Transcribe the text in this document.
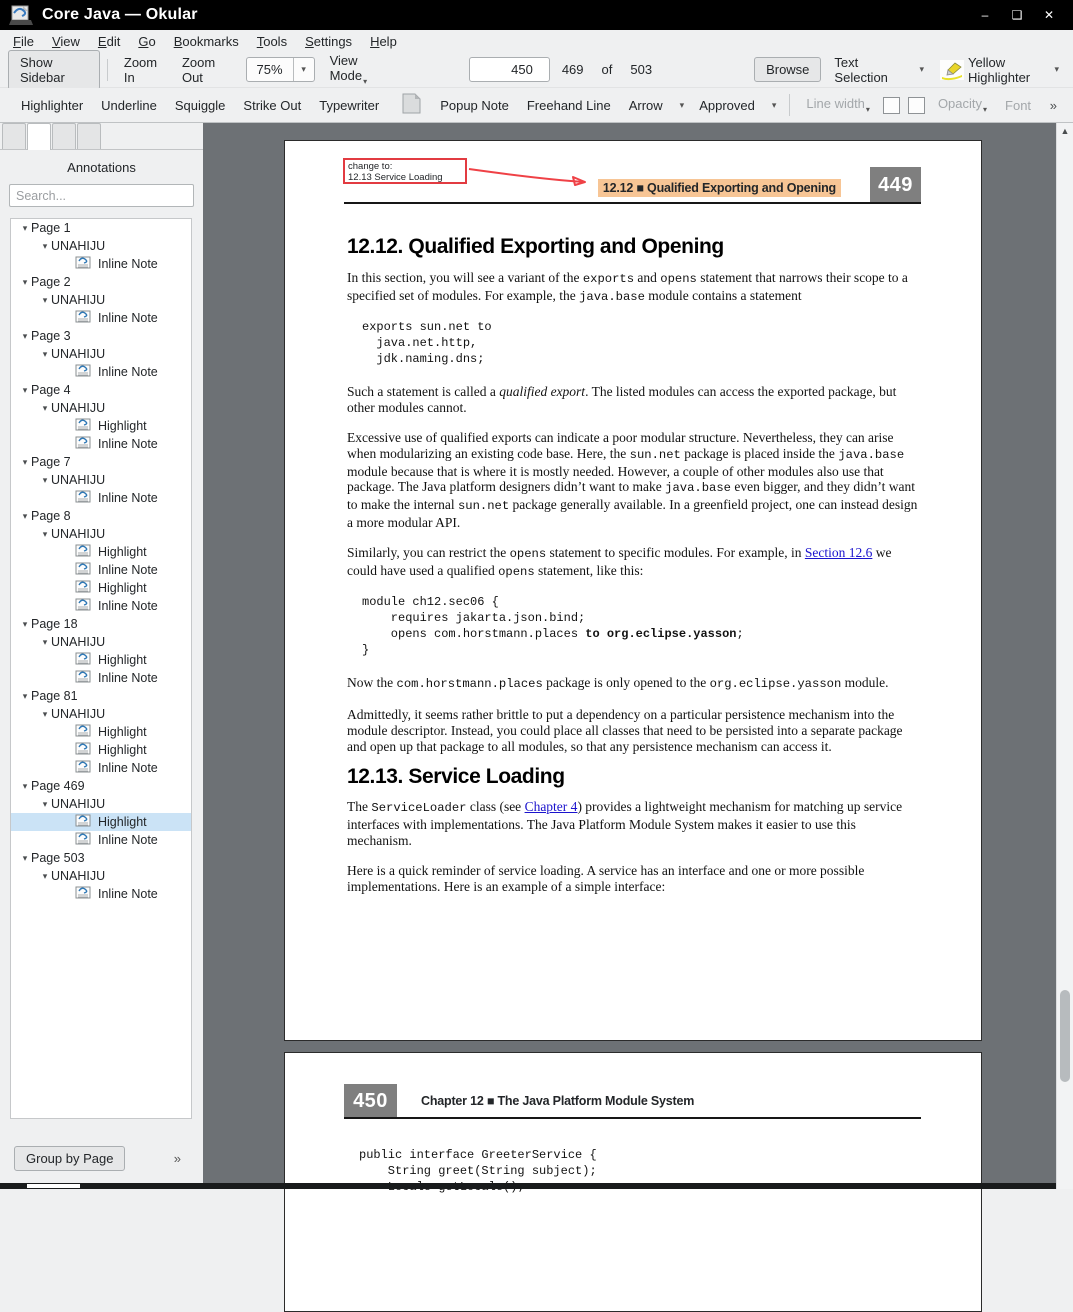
Core Java — Okular	–	❑ ✕
File	View	Edit	Go	Bookmarks	Tools	Settings	Help
Show Sidebar
Zoom In
Zoom Out	75%	▾
View Mode$_▾$
450	469 of 503	Browse	Text Selection
▾	Yellow Highlighter
▾
Highlighter	Underline	Squiggle	Strike Out	Typewriter	Popup Note	Freehand Line	Arrow	▾	Approved	▾	Line width$_▾$	Opacity$_▾$	Font	»
Annotations
Search...
▾ Page 1
▾ UNAHIJU
Inline Note
▾ Page 2
▾ UNAHIJU
Inline Note
▾ Page 3
▾ UNAHIJU
Inline Note
▾ Page 4
▾ UNAHIJU
Highlight
Inline Note
▾ Page 7
▾ UNAHIJU
Inline Note
▾ Page 8
▾ UNAHIJU
Highlight
Inline Note
Highlight
Inline Note
▾ Page 18
▾ UNAHIJU
Highlight
Inline Note
▾ Page 81
▾ UNAHIJU
Highlight
Highlight
Inline Note
▾ Page 469
▾ UNAHIJU
Highlight
Inline Note
▾ Page 503
▾ UNAHIJU
Inline Note
Group by Page	»
change to:
12.13 Service Loading
12.12 ■ Qualified Exporting and Opening	449
12.12. Qualified Exporting and Opening

In this section, you will see a variant of the exports and opens statement that narrows their scope to a specified set of modules. For example, the java.base module contains a statement

exports sun.net to
java.net.http,
jdk.naming.dns;

Such a statement is called a qualified export. The listed modules can access the exported package, but other modules cannot.

Excessive use of qualified exports can indicate a poor modular structure. Nevertheless, they can arise when modularizing an existing code base. Here, the sun.net package is placed inside the java.base module because that is where it is mostly needed. However, a couple of other modules also use that package. The Java platform designers didn’t want to make java.base even bigger, and they didn’t want to make the internal sun.net package generally available. In a greenfield project, one can instead design a more modular API.

Similarly, you can restrict the opens statement to specific modules. For example, in Section 12.6 we could have used a qualified opens statement, like this:

module ch12.sec06 {
requires jakarta.json.bind;
opens com.horstmann.places to org.eclipse.yasson;
}

Now the com.horstmann.places package is only opened to the org.eclipse.yasson module.

Admittedly, it seems rather brittle to put a dependency on a particular persistence mechanism into the module descriptor. Instead, you could place all classes that need to be persisted into a separate package and open up that package to all modules, so that any persistence mechanism can access it.

12.13. Service Loading

The ServiceLoader class (see Chapter 4) provides a lightweight mechanism for matching up service interfaces with implementations. The Java Platform Module System makes it easier to use this mechanism.

Here is a quick reminder of service loading. A service has an interface and one or more possible implementations. Here is an example of a simple interface:

450	Chapter 12 ■ The Java Platform Module System
public interface GreeterService {
String greet(String subject);
▲
